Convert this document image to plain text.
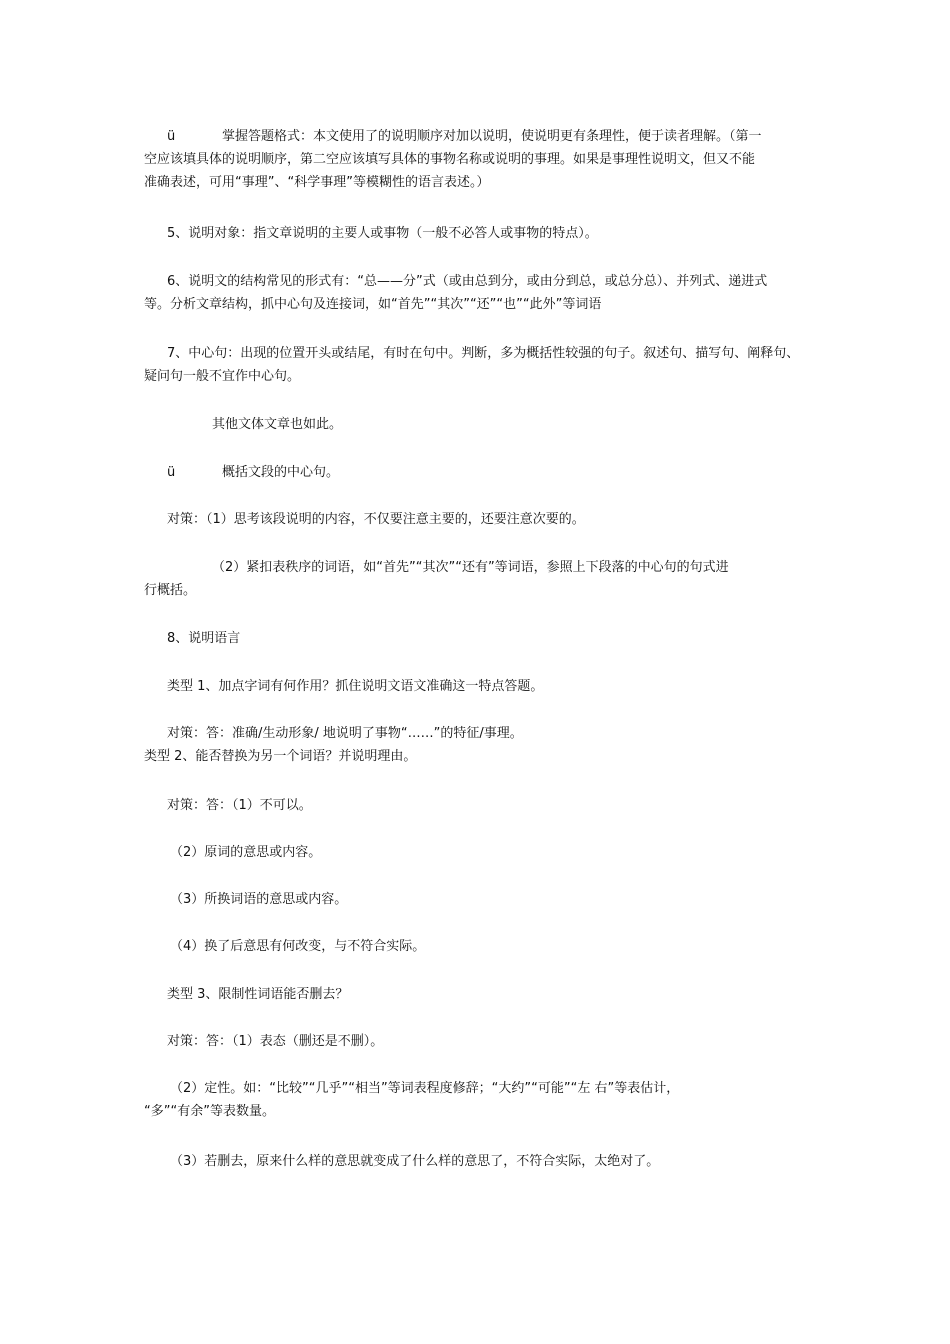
ü	掌握答题格式：本文使用了的说明顺序对加以说明，使说明更有条理性，便于读者理解。（第一
空应该填具体的说明顺序，第二空应该填写具体的事物名称或说明的事理。如果是事理性说明文，但又不能
准确表述，可用“事理”、“科学事理”等模糊性的语言表述。）
5、说明对象：指文章说明的主要人或事物（一般不必答人或事物的特点）。
6、说明文的结构常见的形式有：“总——分”式（或由总到分，或由分到总，或总分总）、并列式、递进式
等。分析文章结构，抓中心句及连接词，如“首先”“其次”“还”“也”“此外”等词语
7、中心句：出现的位置开头或结尾，有时在句中。判断，多为概括性较强的句子。叙述句、描写句、阐释句、
疑问句一般不宜作中心句。
其他文体文章也如此。
ü	概括文段的中心句。
对策：（1）思考该段说明的内容，不仅要注意主要的，还要注意次要的。
（2）紧扣表秩序的词语，如“首先”“其次”“还有”等词语，参照上下段落的中心句的句式进
行概括。
8、说明语言
类型 1、加点字词有何作用？抓住说明文语文准确这一特点答题。
对策：答：准确/生动形象/ 地说明了事物“……”的特征/事理。
类型 2、能否替换为另一个词语？并说明理由。
对策：答：（1）不可以。
（2）原词的意思或内容。
（3）所换词语的意思或内容。
（4）换了后意思有何改变，与不符合实际。
类型 3、限制性词语能否删去？
对策：答：（1）表态（删还是不删）。
（2）定性。如：“比较”“几乎”“相当”等词表程度修辞；“大约”“可能”“左 右”等表估计，
“多”“有余”等表数量。
（3）若删去，原来什么样的意思就变成了什么样的意思了，不符合实际，太绝对了。
